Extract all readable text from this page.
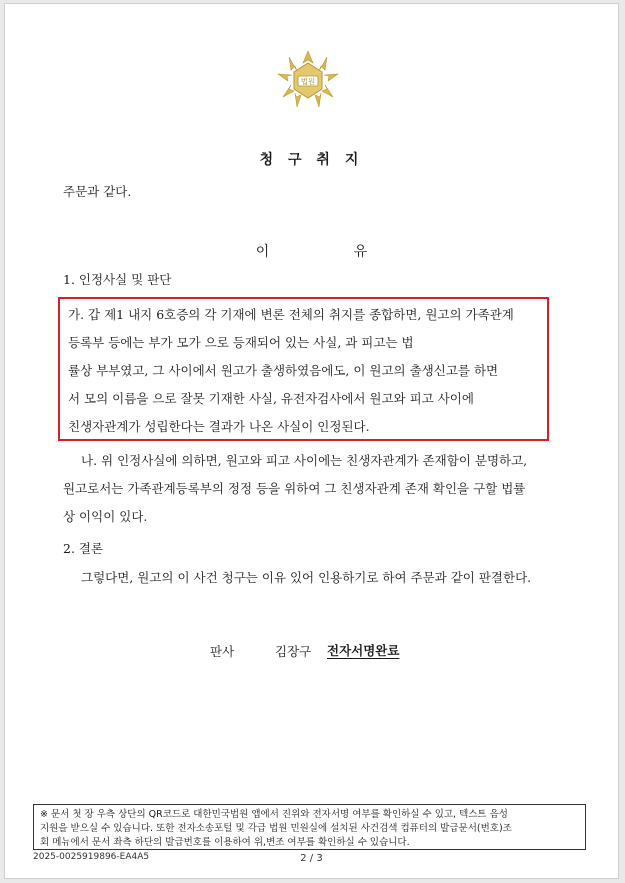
법원
청 구 취 지
주문과 같다.
이 유
1. 인정사실 및 판단
가. 갑 제1 내지 6호증의 각 기재에 변론 전체의 취지를 종합하면, 원고의 가족관계
등록부 등에는 부가 모가 으로 등재되어 있는 사실, 과 피고는 법
률상 부부였고, 그 사이에서 원고가 출생하였음에도, 이 원고의 출생신고를 하면
서 모의 이름을 으로 잘못 기재한 사실, 유전자검사에서 원고와 피고 사이에
친생자관계가 성립한다는 결과가 나온 사실이 인정된다.
나. 위 인정사실에 의하면, 원고와 피고 사이에는 친생자관계가 존재함이 분명하고,
원고로서는 가족관계등록부의 정정 등을 위하여 그 친생자관계 존재 확인을 구할 법률
상 이익이 있다.
2. 결론
그렇다면, 원고의 이 사건 청구는 이유 있어 인용하기로 하여 주문과 같이 판결한다.
판사	김장구 전자서명완료
※ 문서 첫 장 우측 상단의 QR코드로 대한민국법원 앱에서 진위와 전자서명 여부를 확인하실 수 있고, 텍스트 음성
지원을 받으실 수 있습니다. 또한 전자소송포털 및 각급 법원 민원실에 설치된 사건검색 컴퓨터의 발급문서(번호)조
회 메뉴에서 문서 좌측 하단의 발급번호를 이용하여 위,변조 여부를 확인하실 수 있습니다.
2025-0025919896-EA4A5	2 / 3
